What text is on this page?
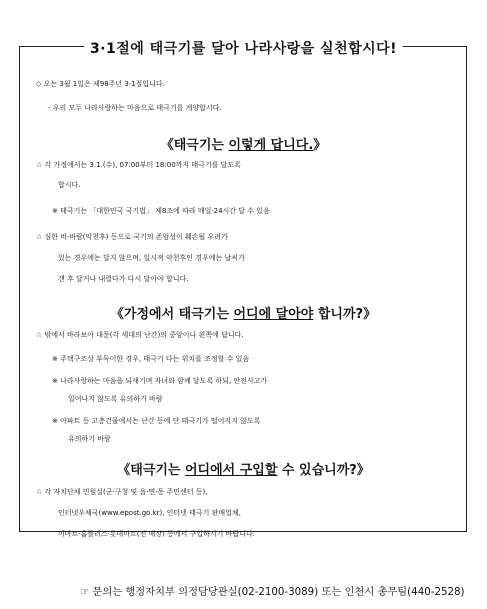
3·1절에 태극기를 달아 나라사랑을 실천합시다!
◇ 오는 3월 1일은 제98주년 3·1절입니다.
- 우리 모두 나라사랑하는 마음으로 태극기를 게양합시다.
《태극기는 이렇게 답니다.》
☆ 각 가정에서는 3.1.(수), 07:00부터 18:00까지 태극기를 달도록
합시다.
※ 태극기는 「대한민국 국기법」 제8조에 따라 매일·24시간 달 수 있음
☆ 심한 비·바람(악천후) 등으로 국기의 존엄성이 훼손될 우려가
있는 경우에는 달지 않으며, 일시적 악천후인 경우에는 날씨가
갠 후 달거나 내렸다가 다시 달아야 합니다.
《가정에서 태극기는 어디에 달아야 합니까?》
☆ 밖에서 바라보아 대문(각 세대의 난간)의 중앙이나 왼쪽에 답니다.
※ 주택구조상 부득이한 경우, 태극기 다는 위치를 조정할 수 있음
※ 나라사랑하는 마음을 되새기며 자녀와 함께 달도록 하되, 안전사고가
일어나지 않도록 유의하기 바람
※ 아파트 등 고층건물에서는 난간 등에 단 태극기가 떨어지지 않도록
유의하기 바람
《태극기는 어디에서 구입할 수 있습니까?》
☆ 각 자치단체 민원실(군·구청 및 읍·면·동 주민센터 등),
인터넷우체국(www.epost.go.kr), 인터넷 태극기 판매업체,
이마트·홈플러스·롯데마트(전 매장) 등에서 구입하시기 바랍니다.
☞ 문의는 행정자치부 의정담당관실(02-2100-3089) 또는 인천시 총무팀(440-2528)
